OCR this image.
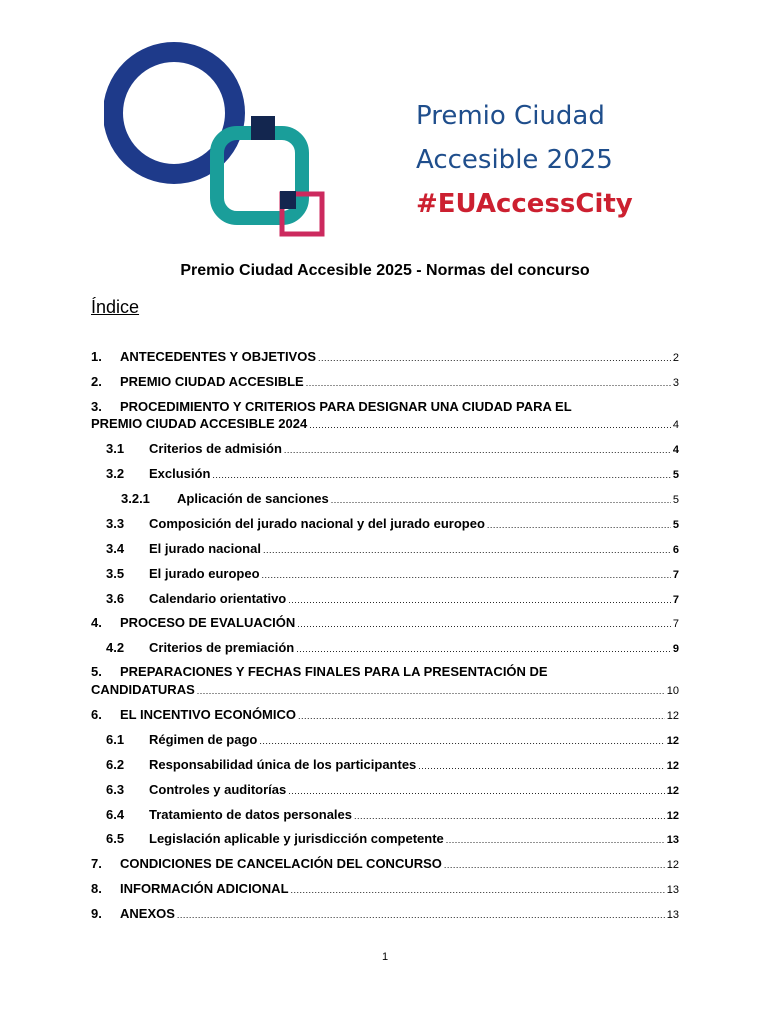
Premio Ciudad
Accesible 2025
#EUAccessCity
Premio Ciudad Accesible 2025 - Normas del concurso
Índice
1.	ANTECEDENTES Y OBJETIVOS .....	2
2.	PREMIO CIUDAD ACCESIBLE .....	3
3. PROCEDIMIENTO Y CRITERIOS PARA DESIGNAR UNA CIUDAD PARA EL
PREMIO CIUDAD ACCESIBLE 2024 .....	4
3.1	Criterios de admisión .....	4
3.2	Exclusión .....	5
3.2.1	Aplicación de sanciones .....	5
3.3	Composición del jurado nacional y del jurado europeo .....	5
3.4	El jurado nacional .....	6
3.5	El jurado europeo .....	7
3.6	Calendario orientativo .....	7
4.	PROCESO DE EVALUACIÓN .....	7
4.2	Criterios de premiación .....	9
5. PREPARACIONES Y FECHAS FINALES PARA LA PRESENTACIÓN DE
CANDIDATURAS .....	10
6.	EL INCENTIVO ECONÓMICO .....	12
6.1	Régimen de pago .....	12
6.2	Responsabilidad única de los participantes .....	12
6.3	Controles y auditorías .....	12
6.4	Tratamiento de datos personales .....	12
6.5	Legislación aplicable y jurisdicción competente .....	13
7.	CONDICIONES DE CANCELACIÓN DEL CONCURSO .....	12
8.	INFORMACIÓN ADICIONAL .....	13
9.	ANEXOS .....	13
1
